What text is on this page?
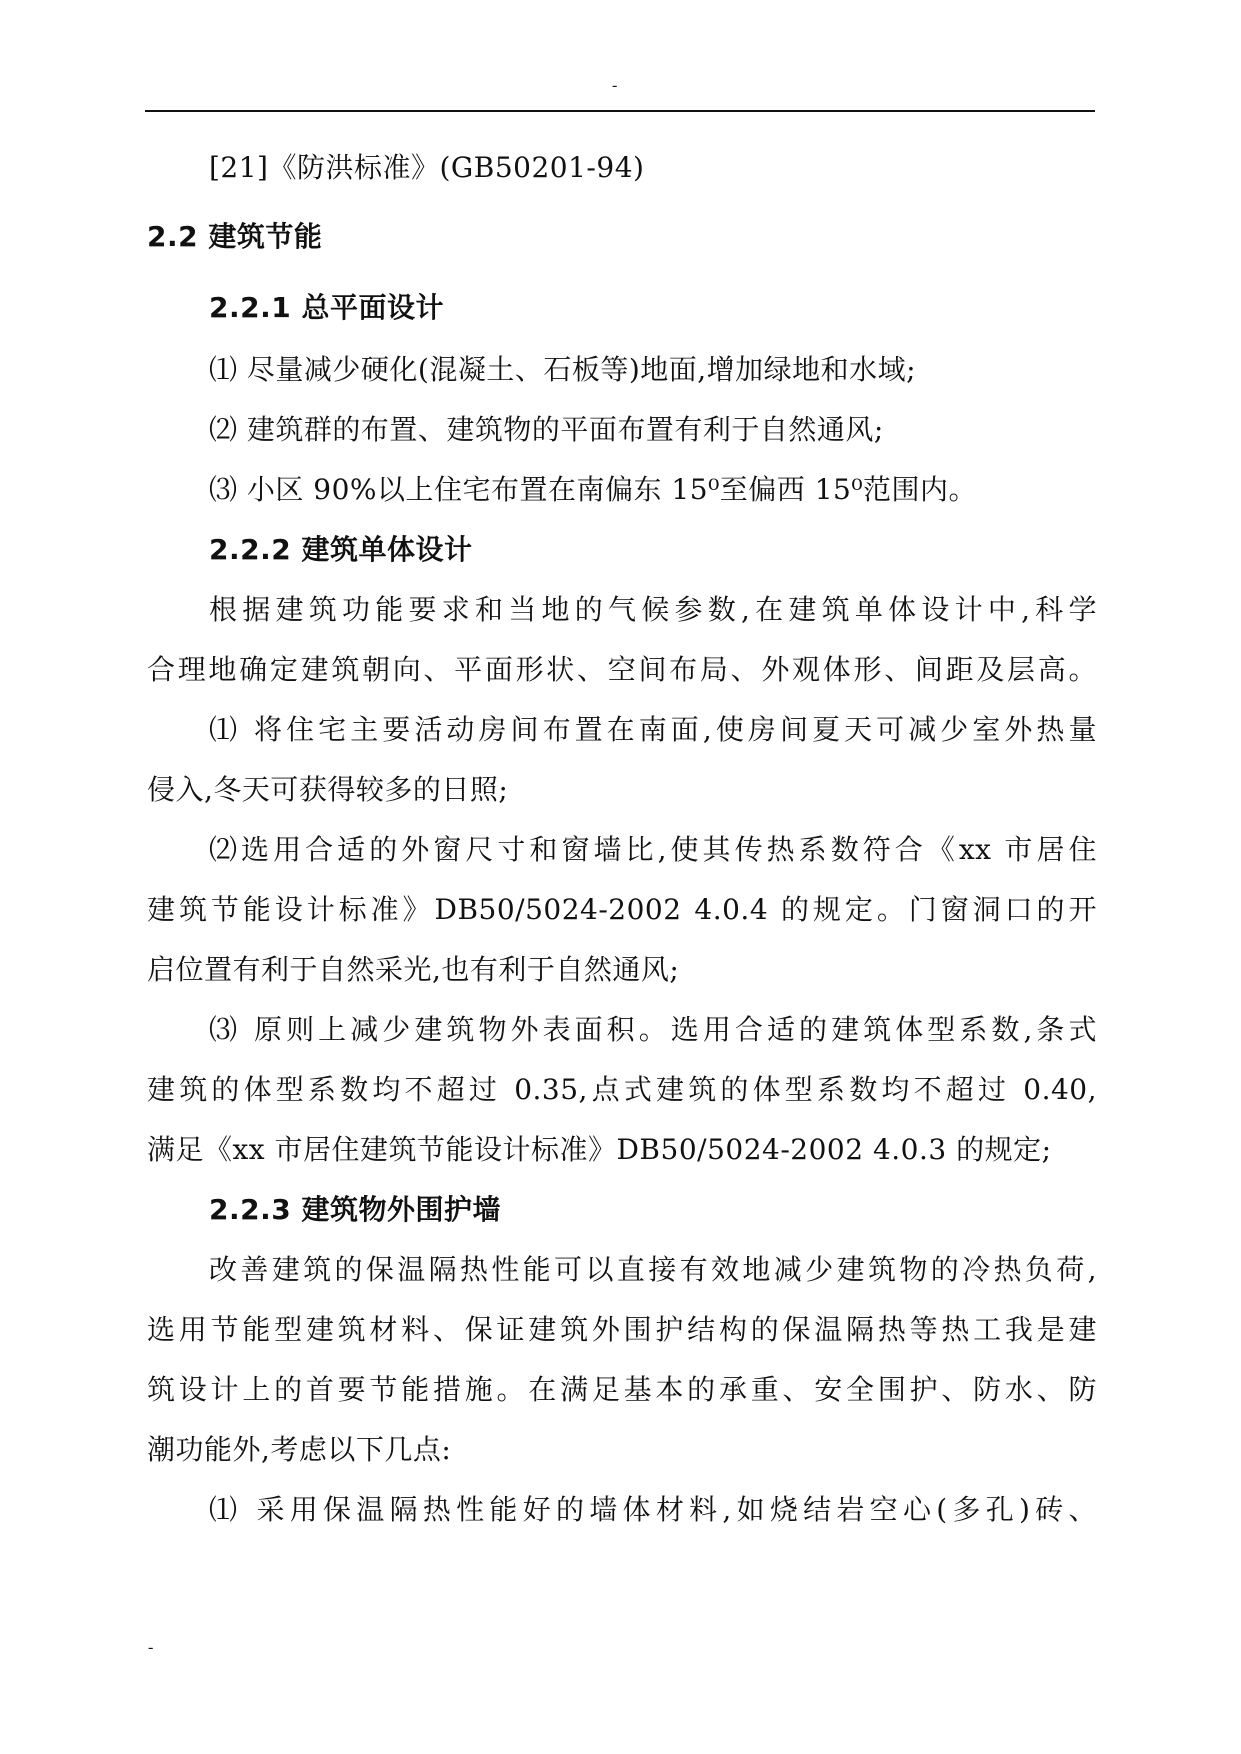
-
[21]《防洪标准》(GB50201-94)
2.2 建筑节能
2.2.1 总平面设计
⑴ 尽量减少硬化(混凝土、石板等)地面,增加绿地和水域;
⑵ 建筑群的布置、建筑物的平面布置有利于自然通风;
⑶ 小区 90%以上住宅布置在南偏东 15⁰至偏西 15⁰范围内。
2.2.2 建筑单体设计
根据建筑功能要求和当地的气候参数,在建筑单体设计中,科学
合理地确定建筑朝向、平面形状、空间布局、外观体形、间距及层高。
⑴ 将住宅主要活动房间布置在南面,使房间夏天可减少室外热量
侵入,冬天可获得较多的日照;
⑵选用合适的外窗尺寸和窗墙比,使其传热系数符合《xx 市居住
建筑节能设计标准》DB50/5024-2002 4.0.4 的规定。门窗洞口的开
启位置有利于自然采光,也有利于自然通风;
⑶ 原则上减少建筑物外表面积。选用合适的建筑体型系数,条式
建筑的体型系数均不超过 0.35,点式建筑的体型系数均不超过 0.40,
满足《xx 市居住建筑节能设计标准》DB50/5024-2002 4.0.3 的规定;
2.2.3 建筑物外围护墙
改善建筑的保温隔热性能可以直接有效地减少建筑物的冷热负荷,
选用节能型建筑材料、保证建筑外围护结构的保温隔热等热工我是建
筑设计上的首要节能措施。在满足基本的承重、安全围护、防水、防
潮功能外,考虑以下几点:
⑴ 采用保温隔热性能好的墙体材料,如烧结岩空心(多孔)砖、
-
